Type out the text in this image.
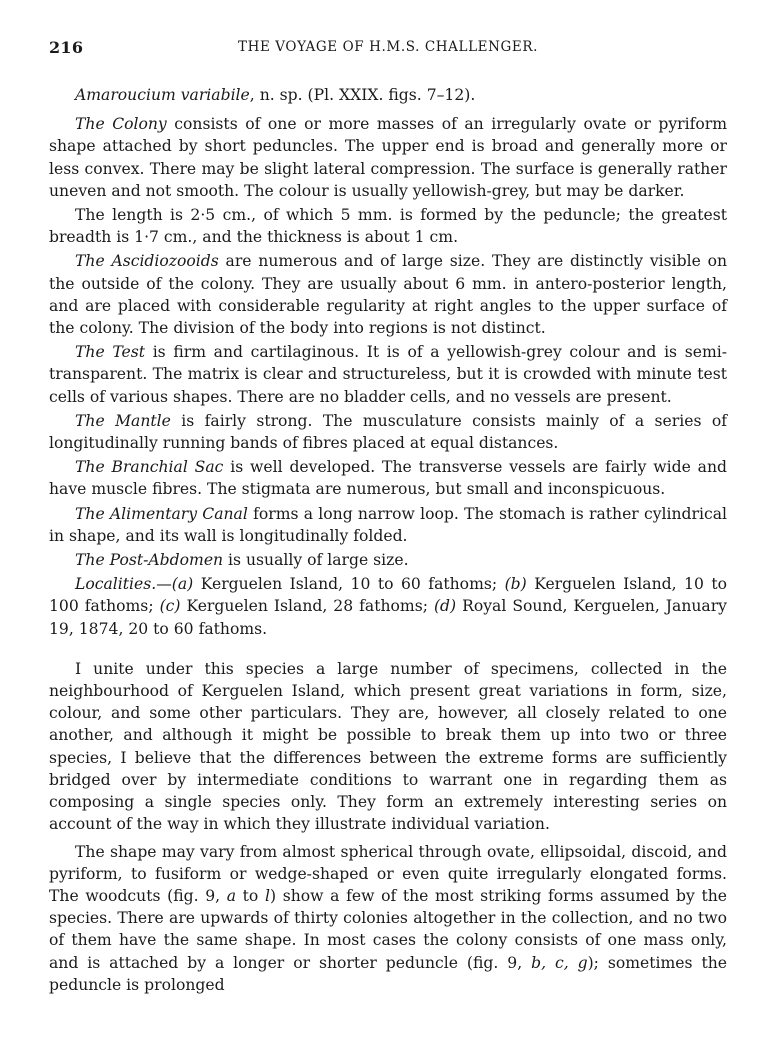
216	THE VOYAGE OF H.M.S. CHALLENGER.

Amaroucium variabile, n. sp. (Pl. XXIX. figs. 7–12).

The Colony consists of one or more masses of an irregularly ovate or pyriform shape attached by short peduncles. The upper end is broad and generally more or less convex. There may be slight lateral compression. The surface is generally rather uneven and not smooth. The colour is usually yellowish-grey, but may be darker.

The length is 2·5 cm., of which 5 mm. is formed by the peduncle; the greatest breadth is 1·7 cm., and the thickness is about 1 cm.

The Ascidiozooids are numerous and of large size. They are distinctly visible on the outside of the colony. They are usually about 6 mm. in antero-posterior length, and are placed with considerable regularity at right angles to the upper surface of the colony. The division of the body into regions is not distinct.

The Test is firm and cartilaginous. It is of a yellowish-grey colour and is semi-transparent. The matrix is clear and structureless, but it is crowded with minute test cells of various shapes. There are no bladder cells, and no vessels are present.

The Mantle is fairly strong. The musculature consists mainly of a series of longitudinally running bands of fibres placed at equal distances.

The Branchial Sac is well developed. The transverse vessels are fairly wide and have muscle fibres. The stigmata are numerous, but small and inconspicuous.

The Alimentary Canal forms a long narrow loop. The stomach is rather cylindrical in shape, and its wall is longitudinally folded.

The Post-Abdomen is usually of large size.

Localities.—(a) Kerguelen Island, 10 to 60 fathoms; (b) Kerguelen Island, 10 to 100 fathoms; (c) Kerguelen Island, 28 fathoms; (d) Royal Sound, Kerguelen, January 19, 1874, 20 to 60 fathoms.

I unite under this species a large number of specimens, collected in the neighbourhood of Kerguelen Island, which present great variations in form, size, colour, and some other particulars. They are, however, all closely related to one another, and although it might be possible to break them up into two or three species, I believe that the differences between the extreme forms are sufficiently bridged over by intermediate conditions to warrant one in regarding them as composing a single species only. They form an extremely interesting series on account of the way in which they illustrate individual variation.

The shape may vary from almost spherical through ovate, ellipsoidal, discoid, and pyriform, to fusiform or wedge-shaped or even quite irregularly elongated forms. The woodcuts (fig. 9, a to l) show a few of the most striking forms assumed by the species. There are upwards of thirty colonies altogether in the collection, and no two of them have the same shape. In most cases the colony consists of one mass only, and is attached by a longer or shorter peduncle (fig. 9, b, c, g); sometimes the peduncle is prolonged
